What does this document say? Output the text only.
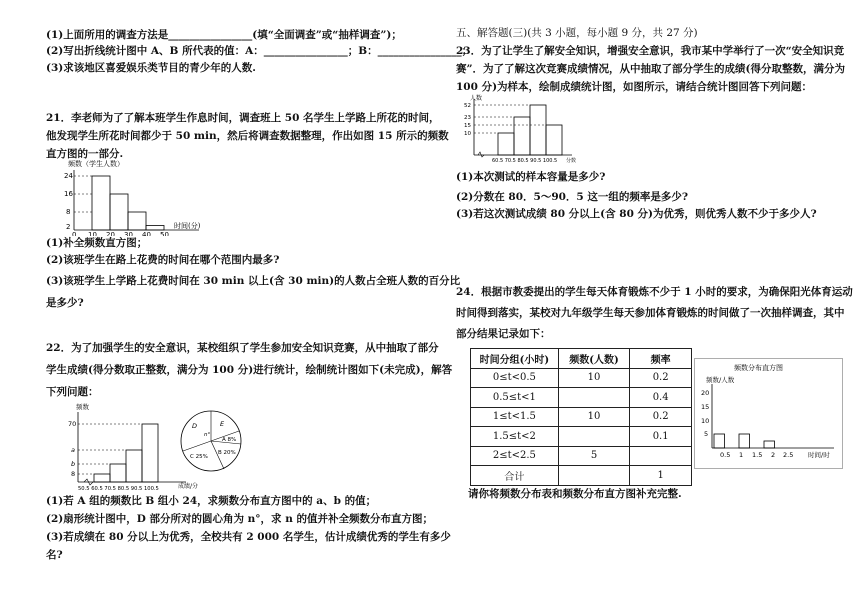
(1)上面所用的调查方法是________________(填“全面调查”或“抽样调查”)；
(2)写出折线统计图中 A、B 所代表的值：A：________________；B：________________；
(3)求该地区喜爱娱乐类节目的青少年的人数.
21．李老师为了了解本班学生作息时间，调查班上 50 名学生上学路上所花的时间，
他发现学生所花时间都少于 50 min，然后将调查数据整理，作出如图 15 所示的频数
直方图的一部分.
频数（学生人数）
24
16
8
2
0 10 20 30 40 50
时间(分)
(1)补全频数直方图；
(2)该班学生在路上花费的时间在哪个范围内最多?
(3)该班学生上学路上花费时间在 30 min 以上(含 30 min)的人数占全班人数的百分比
是多少?
22．为了加强学生的安全意识，某校组织了学生参加安全知识竞赛，从中抽取了部分
学生成绩(得分数取正整数，满分为 100 分)进行统计，绘制统计图如下(未完成)，解答
下列问题：
频数
70
a
b
8
50.5 60.5 70.5 80.5 90.5 100.5	成绩/分
D
n°
E
A 8%
B 20%
C 25%
(1)若 A 组的频数比 B 组小 24，求频数分布直方图中的 a、b 的值；
(2)扇形统计图中，D 部分所对的圆心角为 n°，求 n 的值并补全频数分布直方图；
(3)若成绩在 80 分以上为优秀，全校共有 2 000 名学生，估计成绩优秀的学生有多少
名?
五、解答题(三)(共 3 小题，每小题 9 分，共 27 分)
23．为了让学生了解安全知识，增强安全意识，我市某中学举行了一次“安全知识竞
赛”．为了了解这次竞赛成绩情况，从中抽取了部分学生的成绩(得分取整数，满分为
100 分)为样本，绘制成绩统计图，如图所示，请结合统计图回答下列问题：
人数
52
23
15
10
60.5 70.5 80.5 90.5 100.5 分数
(1)本次测试的样本容量是多少?
(2)分数在 80．5～90．5 这一组的频率是多少?
(3)若这次测试成绩 80 分以上(含 80 分)为优秀，则优秀人数不少于多少人?
24．根据市教委提出的学生每天体育锻炼不少于 1 小时的要求，为确保阳光体育运动
时间得到落实，某校对九年级学生每天参加体育锻炼的时间做了一次抽样调查，其中
部分结果记录如下：
时间分组(小时)	频数(人数)	频率
0≤t<0.5	10	0.2
0.5≤t<1		0.4
1≤t<1.5	10	0.2
1.5≤t<2		0.1
2≤t<2.5	5	
合计		1
频数分布直方图
频数/人数
20
15
10
5
0.5 1 1.5 2 2.5 时间/时
请你将频数分布表和频数分布直方图补充完整.
